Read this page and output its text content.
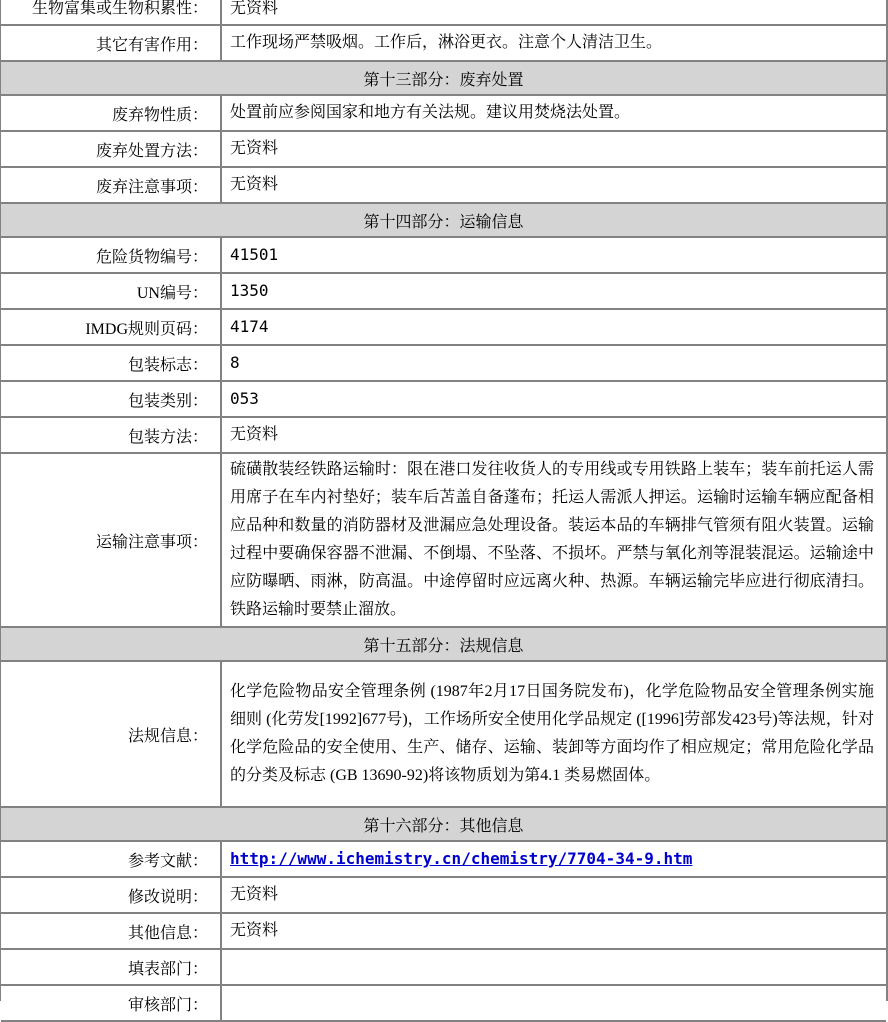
生物富集或生物积累性： 无资料
其它有害作用： 工作现场严禁吸烟。工作后，淋浴更衣。注意个人清洁卫生。
第十三部分：废弃处置
废弃物性质： 处置前应参阅国家和地方有关法规。建议用焚烧法处置。
废弃处置方法： 无资料
废弃注意事项： 无资料
第十四部分：运输信息
危险货物编号： 41501
UN编号： 1350
IMDG规则页码： 4174
包装标志： 8
包装类别： 053
包装方法： 无资料
运输注意事项：
硫磺散装经铁路运输时：限在港口发往收货人的专用线或专用铁路上装车；装车前托运人需用席子在车内衬垫好；装车后苫盖自备蓬布；托运人需派人押运。运输时运输车辆应配备相应品种和数量的消防器材及泄漏应急处理设备。装运本品的车辆排气管须有阻火装置。运输过程中要确保容器不泄漏、不倒塌、不坠落、不损坏。严禁与氧化剂等混装混运。运输途中应防曝晒、雨淋，防高温。中途停留时应远离火种、热源。车辆运输完毕应进行彻底清扫。铁路运输时要禁止溜放。
第十五部分：法规信息
法规信息：
化学危险物品安全管理条例 (1987年2月17日国务院发布)，化学危险物品安全管理条例实施细则 (化劳发[1992]677号)，工作场所安全使用化学品规定 ([1996]劳部发423号)等法规，针对化学危险品的安全使用、生产、储存、运输、装卸等方面均作了相应规定；常用危险化学品的分类及标志 (GB 13690-92)将该物质划为第4.1 类易燃固体。
第十六部分：其他信息
参考文献： http://www.ichemistry.cn/chemistry/7704-34-9.htm
修改说明： 无资料
其他信息： 无资料
填表部门：
审核部门：
